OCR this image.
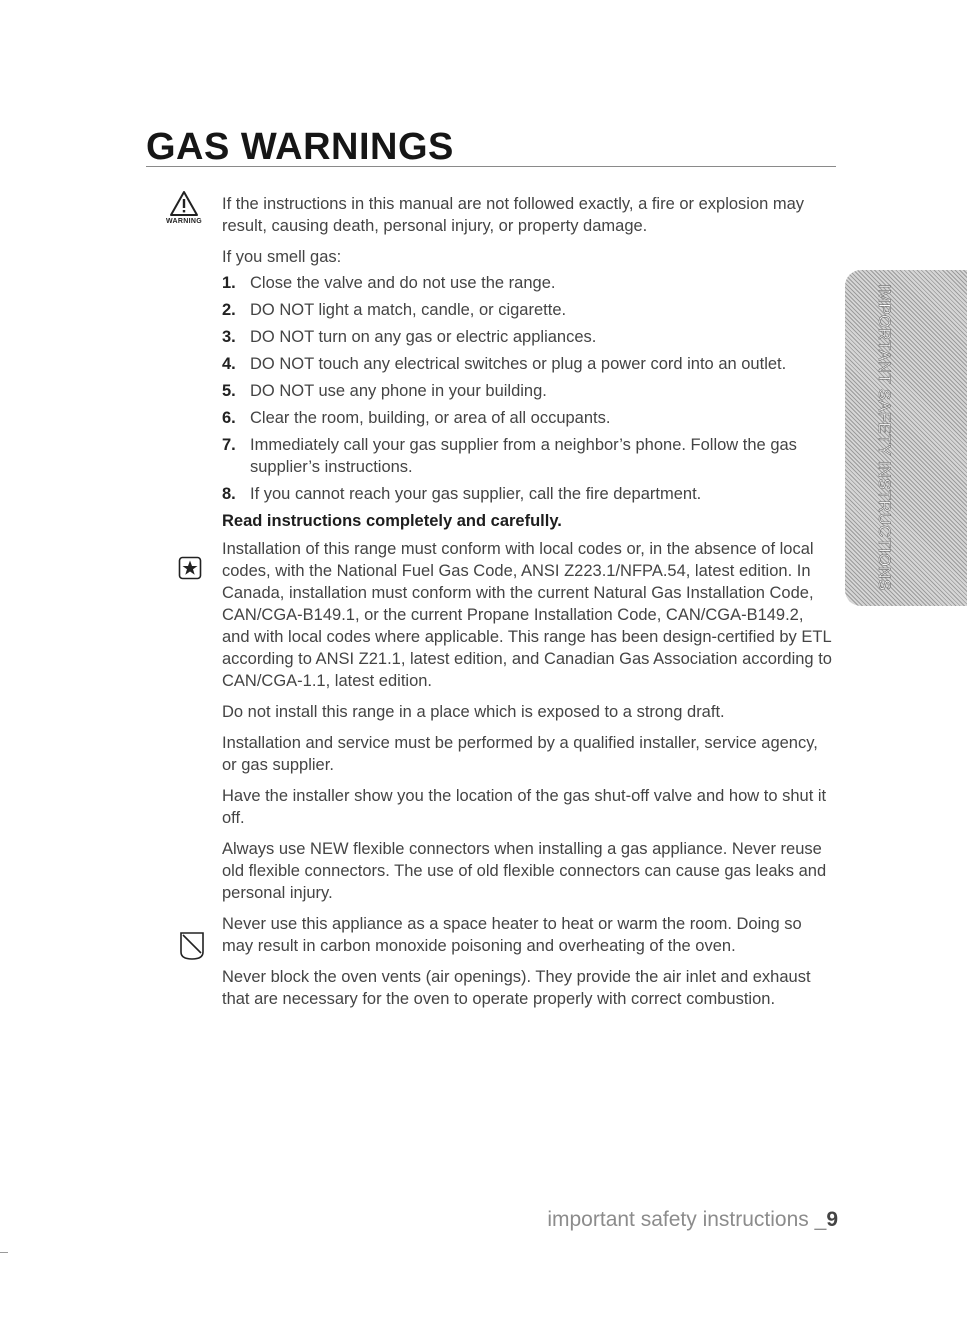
GAS WARNINGS
WARNING

If the instructions in this manual are not followed exactly, a fire or explosion may result, causing death, personal injury, or property damage.

If you smell gas:

1. Close the valve and do not use the range.
2. DO NOT light a match, candle, or cigarette.
3. DO NOT turn on any gas or electric appliances.
4. DO NOT touch any electrical switches or plug a power cord into an outlet.
5. DO NOT use any phone in your building.
6. Clear the room, building, or area of all occupants.
7. Immediately call your gas supplier from a neighbor’s phone. Follow the gas supplier’s instructions.
8. If you cannot reach your gas supplier, call the fire department.

Read instructions completely and carefully.

Installation of this range must conform with local codes or, in the absence of local codes, with the National Fuel Gas Code, ANSI Z223.1/NFPA.54, latest edition. In Canada, installation must conform with the current Natural Gas Installation Code, CAN/CGA-B149.1, or the current Propane Installation Code, CAN/CGA-B149.2, and with local codes where applicable. This range has been design-certified by ETL according to ANSI Z21.1, latest edition, and Canadian Gas Association according to CAN/CGA-1.1, latest edition.

Do not install this range in a place which is exposed to a strong draft.

Installation and service must be performed by a qualified installer, service agency, or gas supplier.

Have the installer show you the location of the gas shut-off valve and how to shut it off.

Always use NEW flexible connectors when installing a gas appliance. Never reuse old flexible connectors. The use of old flexible connectors can cause gas leaks and personal injury.

Never use this appliance as a space heater to heat or warm the room. Doing so may result in carbon monoxide poisoning and overheating of the oven.

Never block the oven vents (air openings). They provide the air inlet and exhaust that are necessary for the oven to operate properly with correct combustion.

IMPORTANT SAFETY INSTRUCTIONS
important safety instructions _9
